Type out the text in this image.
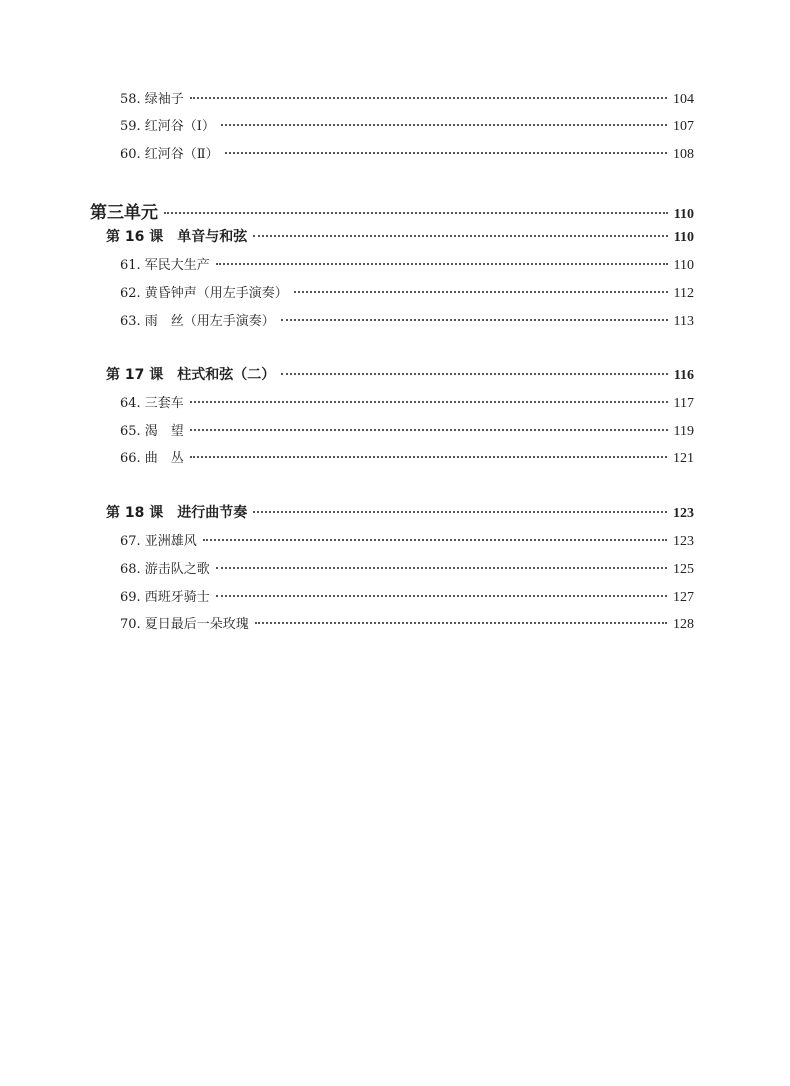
58. 绿袖子	104
59. 红河谷（Ⅰ）	107
60. 红河谷（Ⅱ）	108
第三单元	110
第 16 课　单音与和弦	110
61. 军民大生产	110
62. 黄昏钟声（用左手演奏）	112
63. 雨　丝（用左手演奏）	113
第 17 课　柱式和弦（二）	116
64. 三套车	117
65. 渴　望	119
66. 曲　丛	121
第 18 课　进行曲节奏	123
67. 亚洲雄风	123
68. 游击队之歌	125
69. 西班牙骑士	127
70. 夏日最后一朵玫瑰	128
